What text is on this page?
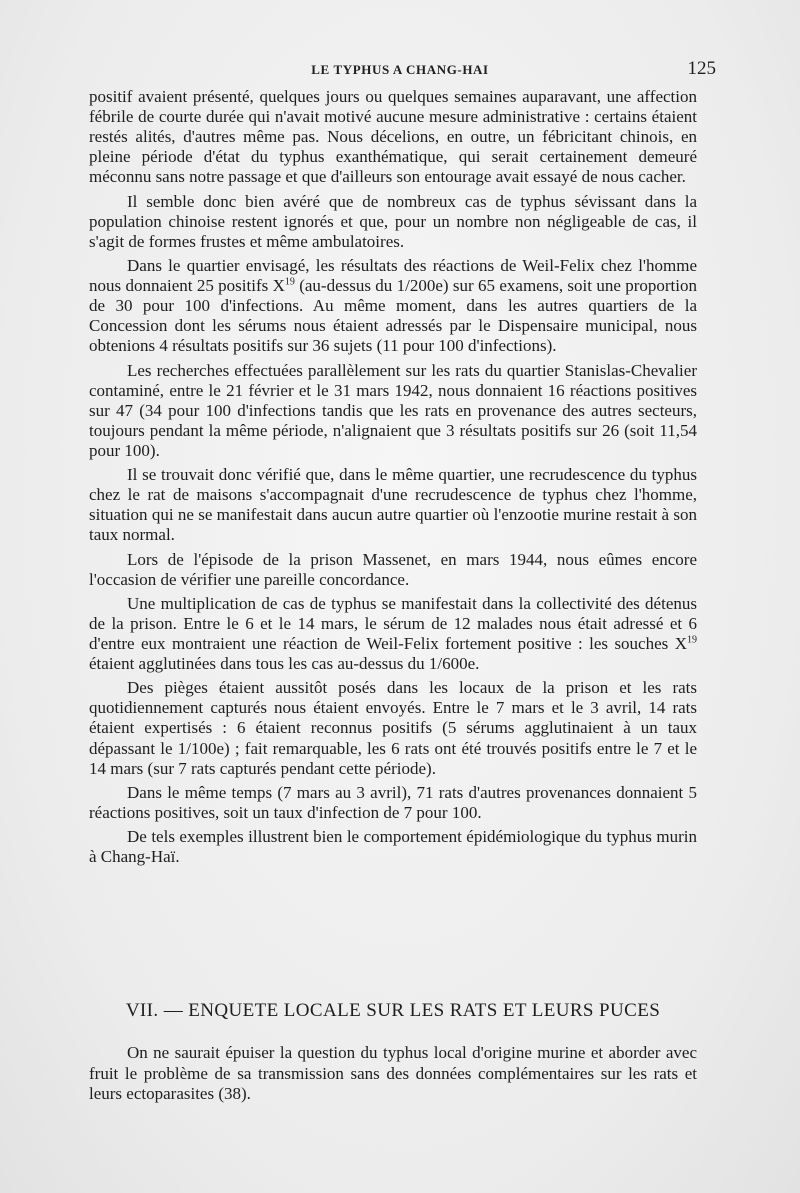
LE TYPHUS A CHANG-HAI	125

positif avaient présenté, quelques jours ou quelques semaines auparavant, une affection fébrile de courte durée qui n'avait motivé aucune mesure administrative : certains étaient restés alités, d'autres même pas. Nous décelions, en outre, un fébricitant chinois, en pleine période d'état du typhus exanthématique, qui serait certainement demeuré méconnu sans notre passage et que d'ailleurs son entourage avait essayé de nous cacher.

Il semble donc bien avéré que de nombreux cas de typhus sévissant dans la population chinoise restent ignorés et que, pour un nombre non négligeable de cas, il s'agit de formes frustes et même ambulatoires.

Dans le quartier envisagé, les résultats des réactions de Weil-Felix chez l'homme nous donnaient 25 positifs $X^{19}$ (au-dessus du 1/200e) sur 65 examens, soit une proportion de 30 pour 100 d'infections. Au même moment, dans les autres quartiers de la Concession dont les sérums nous étaient adressés par le Dispensaire municipal, nous obtenions 4 résultats positifs sur 36 sujets (11 pour 100 d'infections).

Les recherches effectuées parallèlement sur les rats du quartier Stanislas-Chevalier contaminé, entre le 21 février et le 31 mars 1942, nous donnaient 16 réactions positives sur 47 (34 pour 100 d'infections tandis que les rats en provenance des autres secteurs, toujours pendant la même période, n'alignaient que 3 résultats positifs sur 26 (soit 11,54 pour 100).

Il se trouvait donc vérifié que, dans le même quartier, une recrudescence du typhus chez le rat de maisons s'accompagnait d'une recrudescence de typhus chez l'homme, situation qui ne se manifestait dans aucun autre quartier où l'enzootie murine restait à son taux normal.

Lors de l'épisode de la prison Massenet, en mars 1944, nous eûmes encore l'occasion de vérifier une pareille concordance.

Une multiplication de cas de typhus se manifestait dans la collectivité des détenus de la prison. Entre le 6 et le 14 mars, le sérum de 12 malades nous était adressé et 6 d'entre eux montraient une réaction de Weil-Felix fortement positive : les souches $X^{19}$ étaient agglutinées dans tous les cas au-dessus du 1/600e.

Des pièges étaient aussitôt posés dans les locaux de la prison et les rats quotidiennement capturés nous étaient envoyés. Entre le 7 mars et le 3 avril, 14 rats étaient expertisés : 6 étaient reconnus positifs (5 sérums agglutinaient à un taux dépassant le 1/100e) ; fait remarquable, les 6 rats ont été trouvés positifs entre le 7 et le 14 mars (sur 7 rats capturés pendant cette période).

Dans le même temps (7 mars au 3 avril), 71 rats d'autres provenances donnaient 5 réactions positives, soit un taux d'infection de 7 pour 100.

De tels exemples illustrent bien le comportement épidémiologique du typhus murin à Chang-Haï.

VII. — ENQUETE LOCALE SUR LES RATS ET LEURS PUCES

On ne saurait épuiser la question du typhus local d'origine murine et aborder avec fruit le problème de sa transmission sans des données complémentaires sur les rats et leurs ectoparasites (38).
